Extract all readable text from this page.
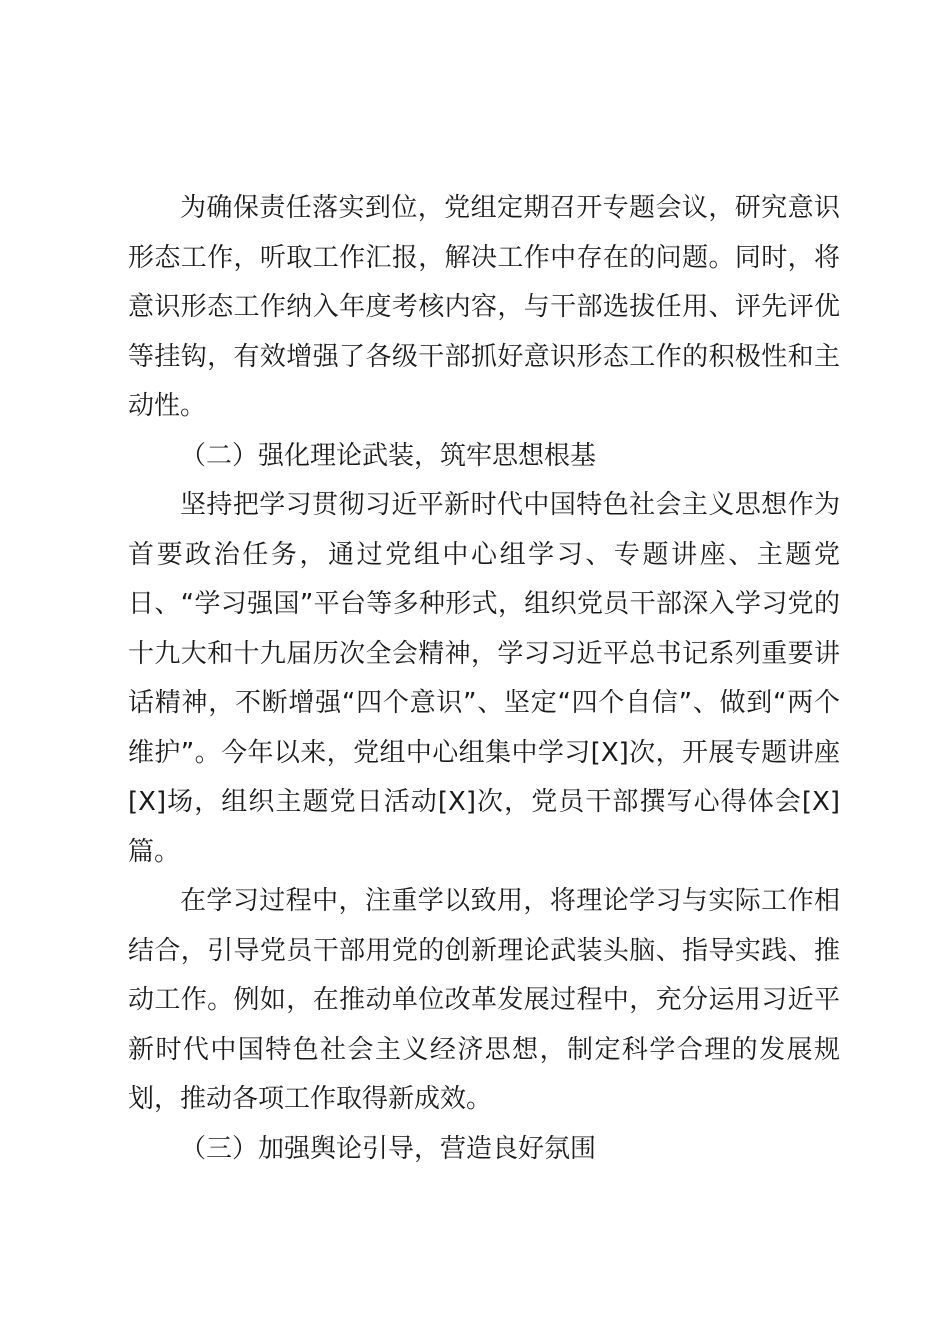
为确保责任落实到位，党组定期召开专题会议，研究意识形态工作，听取工作汇报，解决工作中存在的问题。同时，将意识形态工作纳入年度考核内容，与干部选拔任用、评先评优等挂钩，有效增强了各级干部抓好意识形态工作的积极性和主动性。

（二）强化理论武装，筑牢思想根基

坚持把学习贯彻习近平新时代中国特色社会主义思想作为首要政治任务，通过党组中心组学习、专题讲座、主题党日、“学习强国”平台等多种形式，组织党员干部深入学习党的十九大和十九届历次全会精神，学习习近平总书记系列重要讲话精神，不断增强“四个意识”、坚定“四个自信”、做到“两个维护”。今年以来，党组中心组集中学习[X]次，开展专题讲座[X]场，组织主题党日活动[X]次，党员干部撰写心得体会[X]篇。

在学习过程中，注重学以致用，将理论学习与实际工作相结合，引导党员干部用党的创新理论武装头脑、指导实践、推动工作。例如，在推动单位改革发展过程中，充分运用习近平新时代中国特色社会主义经济思想，制定科学合理的发展规划，推动各项工作取得新成效。

（三）加强舆论引导，营造良好氛围
